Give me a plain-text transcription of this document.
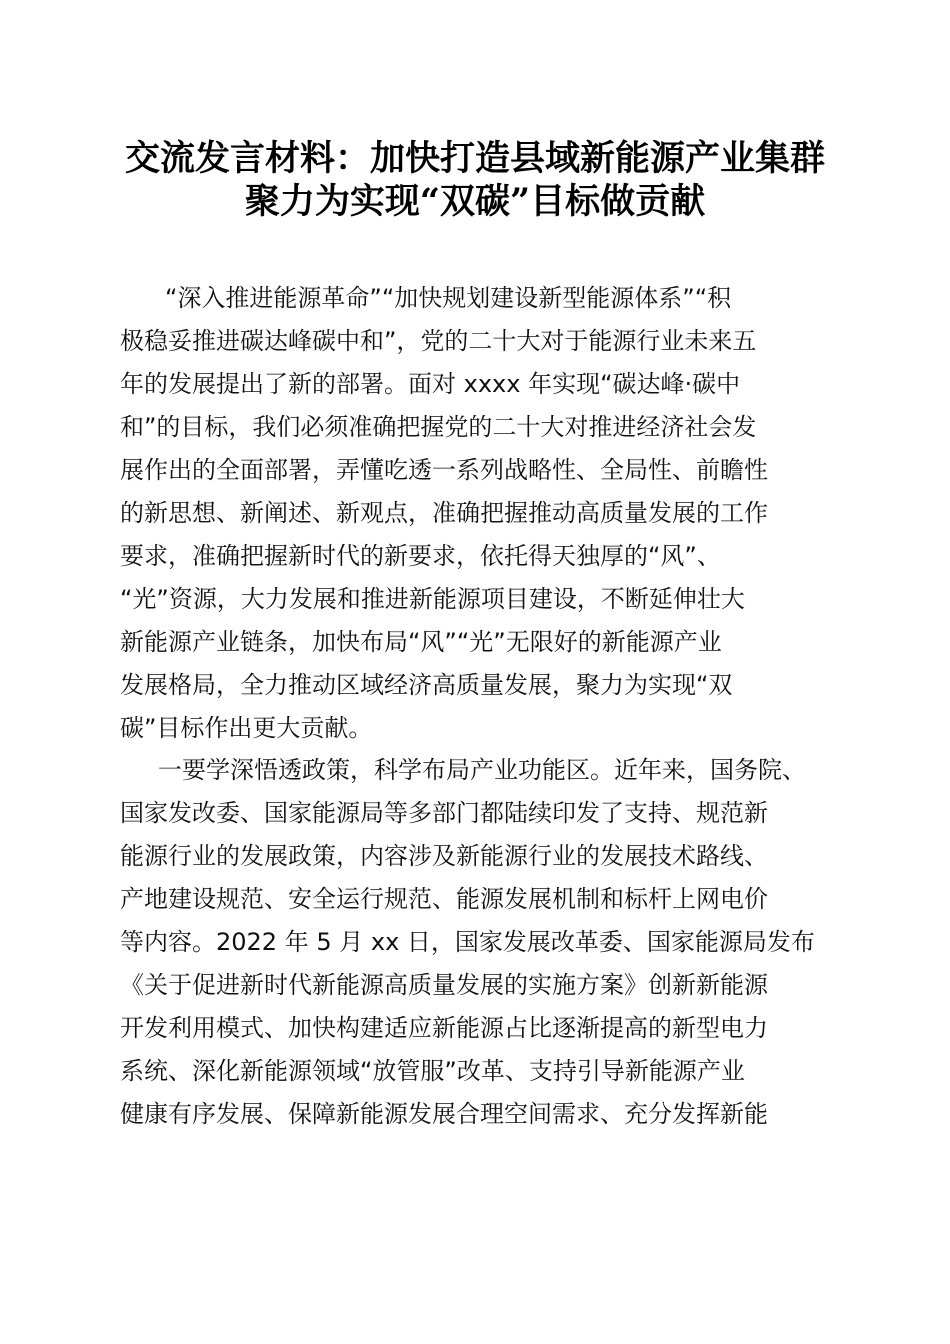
交流发言材料：加快打造县域新能源产业集群
聚力为实现“双碳”目标做贡献
“深入推进能源革命”“加快规划建设新型能源体系”“积
极稳妥推进碳达峰碳中和”，党的二十大对于能源行业未来五
年的发展提出了新的部署。面对 xxxx 年实现“碳达峰·碳中
和”的目标，我们必须准确把握党的二十大对推进经济社会发
展作出的全面部署，弄懂吃透一系列战略性、全局性、前瞻性
的新思想、新阐述、新观点，准确把握推动高质量发展的工作
要求，准确把握新时代的新要求，依托得天独厚的“风”、
“光”资源，大力发展和推进新能源项目建设，不断延伸壮大
新能源产业链条，加快布局“风”“光”无限好的新能源产业
发展格局，全力推动区域经济高质量发展，聚力为实现“双
碳”目标作出更大贡献。
一要学深悟透政策，科学布局产业功能区。近年来，国务院、
国家发改委、国家能源局等多部门都陆续印发了支持、规范新
能源行业的发展政策，内容涉及新能源行业的发展技术路线、
产地建设规范、安全运行规范、能源发展机制和标杆上网电价
等内容。2022 年 5 月 xx 日，国家发展改革委、国家能源局发布
《关于促进新时代新能源高质量发展的实施方案》创新新能源
开发利用模式、加快构建适应新能源占比逐渐提高的新型电力
系统、深化新能源领域“放管服”改革、支持引导新能源产业
健康有序发展、保障新能源发展合理空间需求、充分发挥新能
